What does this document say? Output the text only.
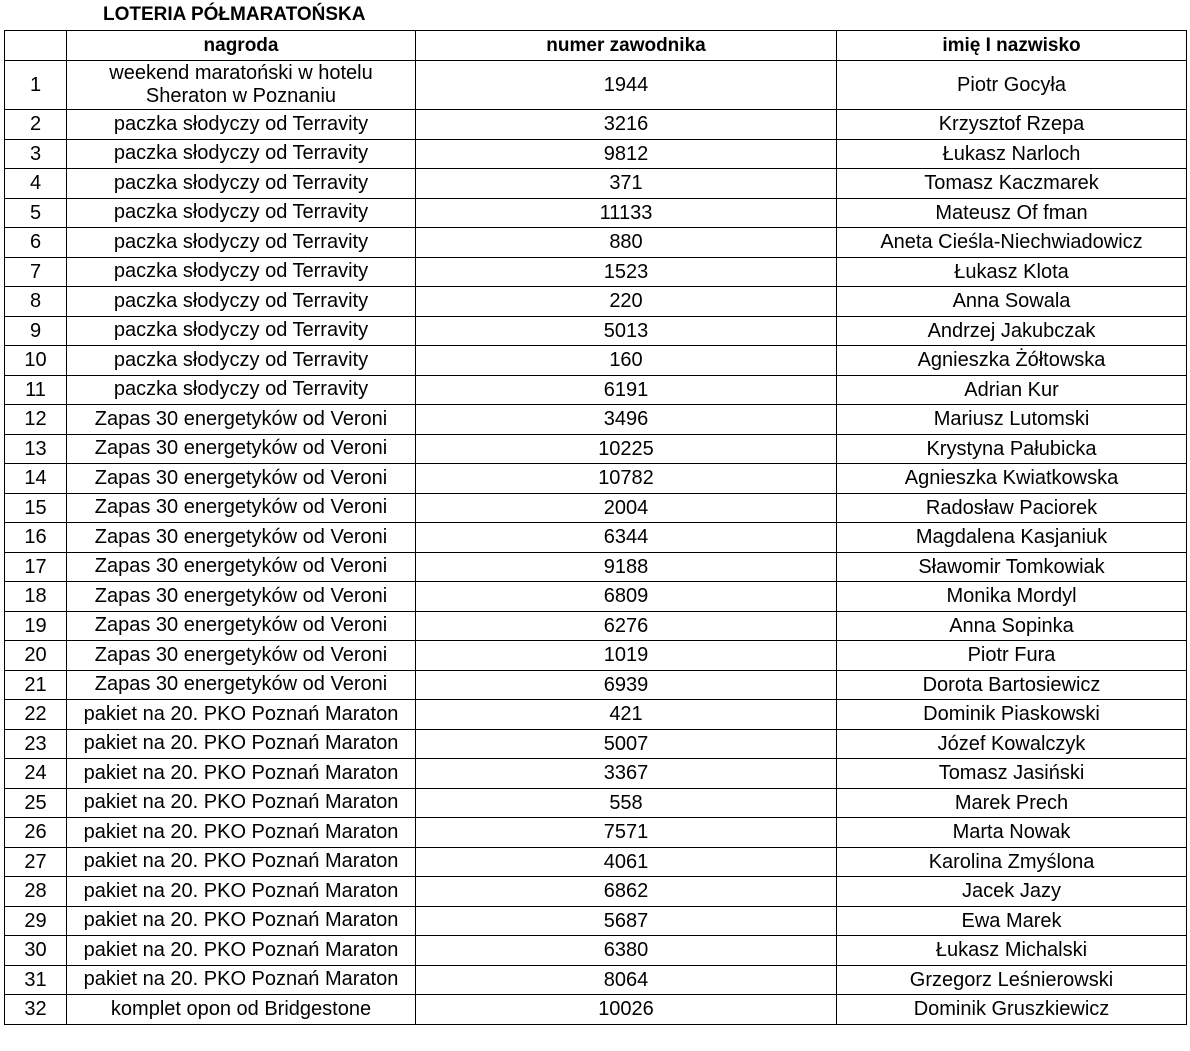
LOTERIA PÓŁMARATOŃSKA
	nagroda	numer zawodnika	imię I nazwisko
1	weekend maratoński w hotelu Sheraton w Poznaniu	1944	Piotr Gocyła
2	paczka słodyczy od Terravity	3216	Krzysztof Rzepa
3	paczka słodyczy od Terravity	9812	Łukasz Narloch
4	paczka słodyczy od Terravity	371	Tomasz Kaczmarek
5	paczka słodyczy od Terravity	11133	Mateusz Of fman
6	paczka słodyczy od Terravity	880	Aneta Cieśla-Niechwiadowicz
7	paczka słodyczy od Terravity	1523	Łukasz Klota
8	paczka słodyczy od Terravity	220	Anna Sowala
9	paczka słodyczy od Terravity	5013	Andrzej Jakubczak
10	paczka słodyczy od Terravity	160	Agnieszka Żółtowska
11	paczka słodyczy od Terravity	6191	Adrian Kur
12	Zapas 30 energetyków od Veroni	3496	Mariusz Lutomski
13	Zapas 30 energetyków od Veroni	10225	Krystyna Pałubicka
14	Zapas 30 energetyków od Veroni	10782	Agnieszka Kwiatkowska
15	Zapas 30 energetyków od Veroni	2004	Radosław Paciorek
16	Zapas 30 energetyków od Veroni	6344	Magdalena Kasjaniuk
17	Zapas 30 energetyków od Veroni	9188	Sławomir Tomkowiak
18	Zapas 30 energetyków od Veroni	6809	Monika Mordyl
19	Zapas 30 energetyków od Veroni	6276	Anna Sopinka
20	Zapas 30 energetyków od Veroni	1019	Piotr Fura
21	Zapas 30 energetyków od Veroni	6939	Dorota Bartosiewicz
22	pakiet na 20. PKO Poznań Maraton	421	Dominik Piaskowski
23	pakiet na 20. PKO Poznań Maraton	5007	Józef Kowalczyk
24	pakiet na 20. PKO Poznań Maraton	3367	Tomasz Jasiński
25	pakiet na 20. PKO Poznań Maraton	558	Marek Prech
26	pakiet na 20. PKO Poznań Maraton	7571	Marta Nowak
27	pakiet na 20. PKO Poznań Maraton	4061	Karolina Zmyślona
28	pakiet na 20. PKO Poznań Maraton	6862	Jacek Jazy
29	pakiet na 20. PKO Poznań Maraton	5687	Ewa Marek
30	pakiet na 20. PKO Poznań Maraton	6380	Łukasz Michalski
31	pakiet na 20. PKO Poznań Maraton	8064	Grzegorz Leśnierowski
32	komplet opon od Bridgestone	10026	Dominik Gruszkiewicz
